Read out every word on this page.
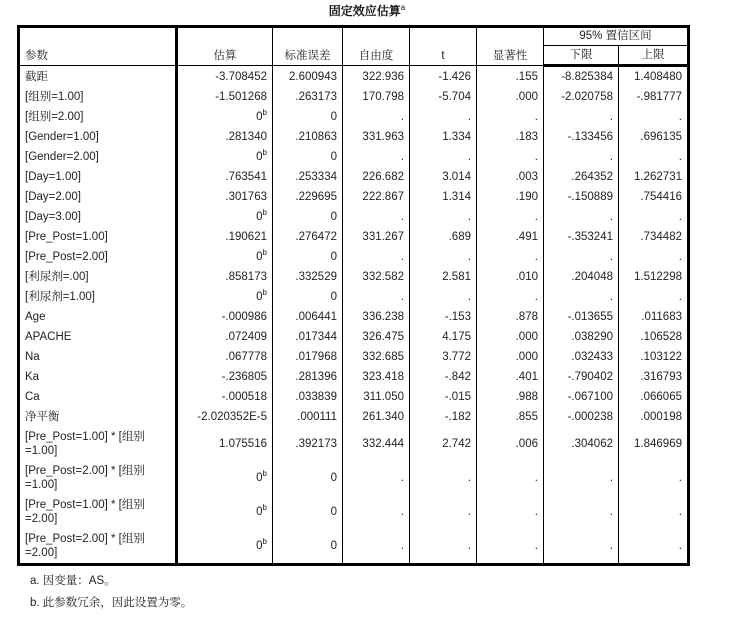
固定效应估算$^a$
参数	估算	标准误差	自由度	t	显著性	95% 置信区间	
						下限	上限
截距	-3.708452	2.600943	322.936	-1.426	.155	-8.825384	1.408480
[组别=1.00]	-1.501268	.263173	170.798	-5.704	.000	-2.020758	-.981777
[组别=2.00]	0$^b$	0	.	.	.	.	.
[Gender=1.00]	.281340	.210863	331.963	1.334	.183	-.133456	.696135
[Gender=2.00]	0$^b$	0	.	.	.	.	.
[Day=1.00]	.763541	.253334	226.682	3.014	.003	.264352	1.262731
[Day=2.00]	.301763	.229695	222.867	1.314	.190	-.150889	.754416
[Day=3.00]	0$^b$	0	.	.	.	.	.
[Pre_Post=1.00]	.190621	.276472	331.267	.689	.491	-.353241	.734482
[Pre_Post=2.00]	0$^b$	0	.	.	.	.	.
[利尿剂=.00]	.858173	.332529	332.582	2.581	.010	.204048	1.512298
[利尿剂=1.00]	0$^b$	0	.	.	.	.	.
Age	-.000986	.006441	336.238	-.153	.878	-.013655	.011683
APACHE	.072409	.017344	326.475	4.175	.000	.038290	.106528
Na	.067778	.017968	332.685	3.772	.000	.032433	.103122
Ka	-.236805	.281396	323.418	-.842	.401	-.790402	.316793
Ca	-.000518	.033839	311.050	-.015	.988	-.067100	.066065
净平衡	-2.020352E-5	.000111	261.340	-.182	.855	-.000238	.000198
[Pre_Post=1.00] * [组别=1.00]	1.075516	.392173	332.444	2.742	.006	.304062	1.846969
[Pre_Post=2.00] * [组别=1.00]	0$^b$	0	.	.	.	.	.
[Pre_Post=1.00] * [组别=2.00]	0$^b$	0	.	.	.	.	.
[Pre_Post=2.00] * [组别=2.00]	0$^b$	0	.	.	.	.	.
a. 因变量：AS。
b. 此参数冗余，因此设置为零。
